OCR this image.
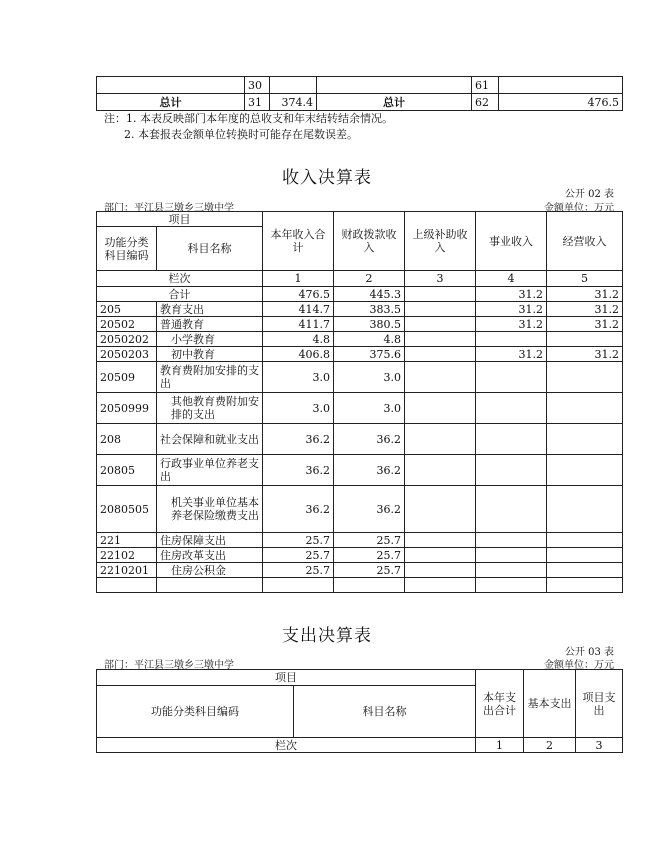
	30			61	
总计	31	374.4	总计	62	476.5
注：1. 本表反映部门本年度的总收支和年末结转结余情况。
2. 本套报表金额单位转换时可能存在尾数误差。
收入决算表
公开 02 表
部门：平江县三墩乡三墩中学	金额单位：万元
项目		本年收入合计	财政拨款收入	上级补助收入	事业收入	经营收入
功能分类科目编码	科目名称					
栏次		1	2	3	4	5
合计		476.5	445.3		31.2	31.2
205	教育支出	414.7	383.5		31.2	31.2
20502	普通教育	411.7	380.5		31.2	31.2
2050202	小学教育	4.8	4.8			
2050203	初中教育	406.8	375.6		31.2	31.2
20509	教育费附加安排的支出	3.0	3.0			
2050999	其他教育费附加安排的支出	3.0	3.0			
208	社会保障和就业支出	36.2	36.2			
20805	行政事业单位养老支出	36.2	36.2			
2080505	机关事业单位基本养老保险缴费支出	36.2	36.2			
221	住房保障支出	25.7	25.7			
22102	住房改革支出	25.7	25.7			
2210201	住房公积金	25.7	25.7			

支出决算表
公开 03 表
部门：平江县三墩乡三墩中学	金额单位：万元
项目		本年支出合计	基本支出	项目支出
功能分类科目编码	科目名称			
栏次		1	2	3
